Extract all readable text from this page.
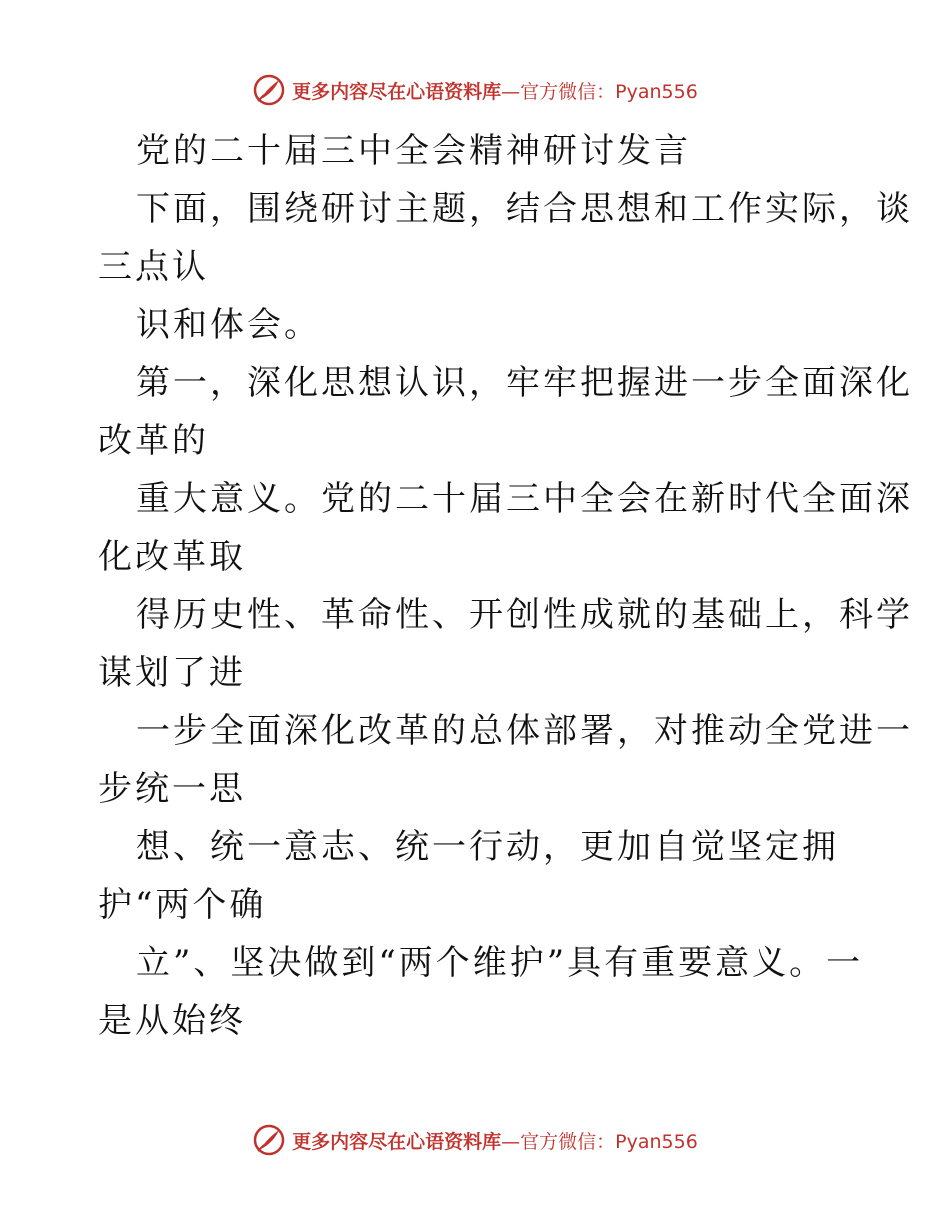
更多内容尽在心语资料库—官方微信：Pyan556
党的二十届三中全会精神研讨发言
下面，围绕研讨主题，结合思想和工作实际，谈
三点认
识和体会。
第一，深化思想认识，牢牢把握进一步全面深化
改革的
重大意义。党的二十届三中全会在新时代全面深
化改革取
得历史性、革命性、开创性成就的基础上，科学
谋划了进
一步全面深化改革的总体部署，对推动全党进一
步统一思
想、统一意志、统一行动，更加自觉坚定拥
护“两个确
立”、坚决做到“两个维护”具有重要意义。一
是从始终
更多内容尽在心语资料库—官方微信：Pyan556
